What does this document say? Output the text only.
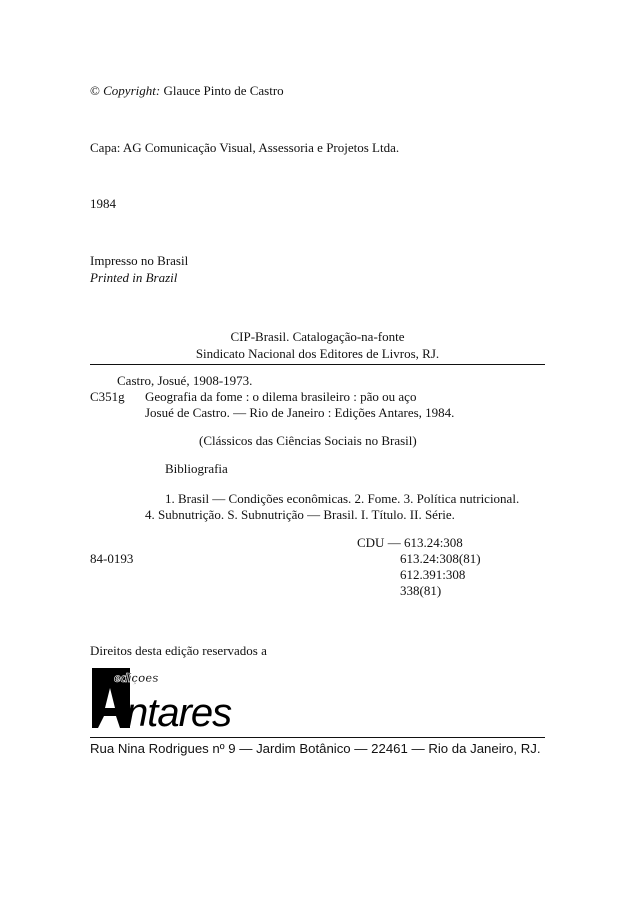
© Copyright: Glauce Pinto de Castro
Capa: AG Comunicação Visual, Assessoria e Projetos Ltda.
1984
Impresso no Brasil
Printed in Brazil
CIP-Brasil. Catalogação-na-fonte
Sindicato Nacional dos Editores de Livros, RJ.
Castro, Josué, 1908-1973.
C351g Geografia da fome : o dilema brasileiro : pão ou aço
Josué de Castro. — Rio de Janeiro : Edições Antares, 1984.
(Clássicos das Ciências Sociais no Brasil)
Bibliografia
1. Brasil — Condições econômicas. 2. Fome. 3. Política nutricional.
4. Subnutrição. S. Subnutrição — Brasil. I. Título. II. Série.
CDU — 613.24:308
84-0193	613.24:308(81)
612.391:308
338(81)
Direitos desta edição reservados a
ediçoes
ntares
Rua Nina Rodrigues nº 9 — Jardim Botânico — 22461 — Rio da Janeiro, RJ.
